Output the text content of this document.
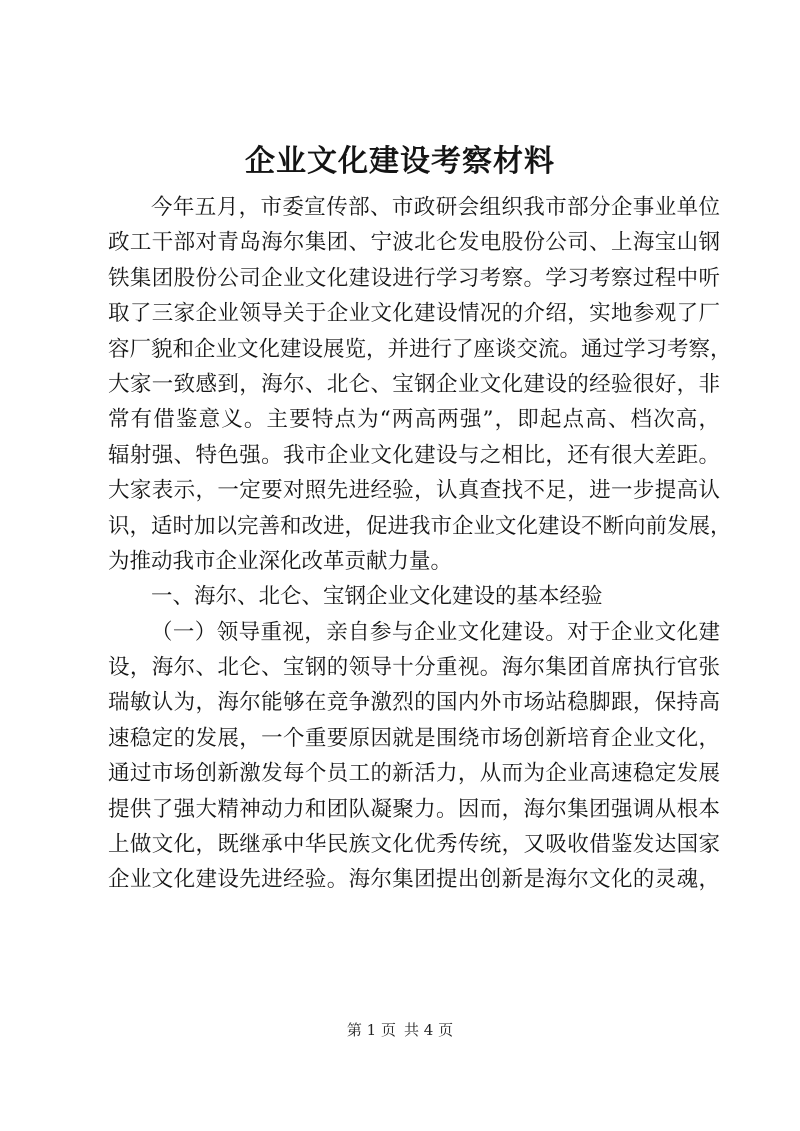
企业文化建设考察材料
今年五月，市委宣传部、市政研会组织我市部分企事业单位
政工干部对青岛海尔集团、宁波北仑发电股份公司、上海宝山钢
铁集团股份公司企业文化建设进行学习考察。学习考察过程中听
取了三家企业领导关于企业文化建设情况的介绍，实地参观了厂
容厂貌和企业文化建设展览，并进行了座谈交流。通过学习考察，
大家一致感到，海尔、北仑、宝钢企业文化建设的经验很好，非
常有借鉴意义。主要特点为“两高两强”，即起点高、档次高，
辐射强、特色强。我市企业文化建设与之相比，还有很大差距。
大家表示，一定要对照先进经验，认真查找不足，进一步提高认
识，适时加以完善和改进，促进我市企业文化建设不断向前发展，
为推动我市企业深化改革贡献力量。
一、海尔、北仑、宝钢企业文化建设的基本经验
（一）领导重视，亲自参与企业文化建设。对于企业文化建
设，海尔、北仑、宝钢的领导十分重视。海尔集团首席执行官张
瑞敏认为，海尔能够在竞争激烈的国内外市场站稳脚跟，保持高
速稳定的发展，一个重要原因就是围绕市场创新培育企业文化，
通过市场创新激发每个员工的新活力，从而为企业高速稳定发展
提供了强大精神动力和团队凝聚力。因而，海尔集团强调从根本
上做文化，既继承中华民族文化优秀传统，又吸收借鉴发达国家
企业文化建设先进经验。海尔集团提出创新是海尔文化的灵魂，
第 1 页 共 4 页
